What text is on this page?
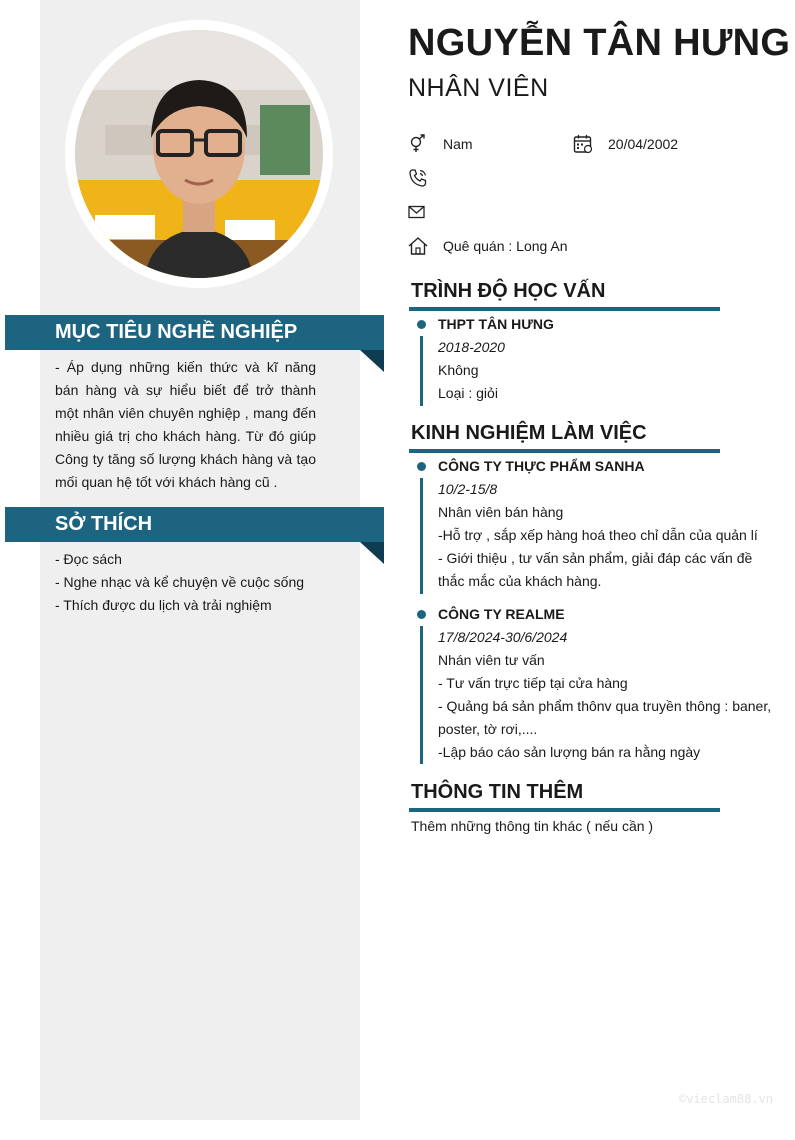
MỤC TIÊU NGHỀ NGHIỆP

- Áp dụng những kiến thức và kĩ năng bán hàng và sự hiểu biết để trở thành một nhân viên chuyên nghiệp , mang đến nhiều giá trị cho khách hàng. Từ đó giúp Công ty tăng số lượng khách hàng và tạo mối quan hệ tốt với khách hàng cũ .

SỞ THÍCH

- Đọc sách

- Nghe nhạc và kể chuyện về cuộc sống

- Thích được du lịch và trải nghiệm

NGUYỄN TÂN HƯNG
NHÂN VIÊN
Nam	20/04/2002
Quê quán : Long An
TRÌNH ĐỘ HỌC VẤN

THPT TÂN HƯNG

2018-2020

Không

Loại : giỏi

KINH NGHIỆM LÀM VIỆC

CÔNG TY THỰC PHẨM SANHA

10/2-15/8

Nhân viên bán hàng

-Hỗ trợ , sắp xếp hàng hoá theo chỉ dẫn của quản lí

- Giới thiệu , tư vấn sản phẩm, giải đáp các vấn đề thắc mắc của khách hàng.

CÔNG TY REALME

17/8/2024-30/6/2024

Nhán viên tư vấn

- Tư vấn trực tiếp tại cửa hàng

- Quảng bá sản phẩm thônv qua truyền thông : baner, poster, tờ rơi,....

-Lập báo cáo sản lượng bán ra hằng ngày

THÔNG TIN THÊM
Thêm những thông tin khác ( nếu cần )
©vieclam88.vn
